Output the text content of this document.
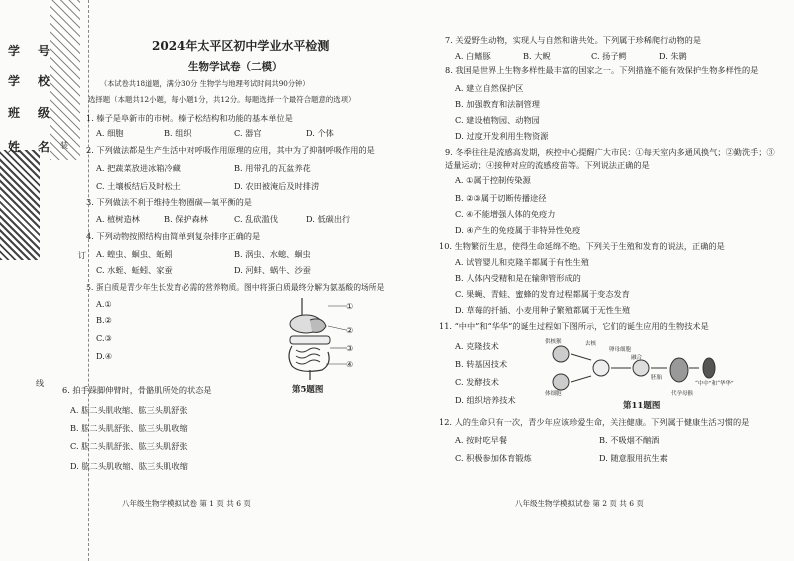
学 号
学 校
班 级
姓 名 装
订
线
2024年太平区初中学业水平检测
生物学试卷（二模）
（本试卷共18道题，满分30分 生物学与地理考试时间共90分钟）
选择题（本题共12小题，每小题1分，共12分。每题选择一个最符合题意的选项）
1. 榛子是阜新市的市树。榛子松结构和功能的基本单位是
A. 细胞	B. 组织	C. 器官	D. 个体
2. 下列做法都是生产生活中对呼吸作用原理的应用，其中为了抑制呼吸作用的是
A. 把蔬菜放进冰箱冷藏	B. 用带孔的瓦盆养花
C. 土壤板结后及时松土	D. 农田被淹后及时排涝
3. 下列做法不利于维持生物圈碳—氧平衡的是
A. 植树造林	B. 保护森林	C. 乱砍滥伐	D. 低碳出行
4. 下列动物按照结构由简单到复杂排序正确的是
A. 蝗虫、蛔虫、蚯蚓	B. 涡虫、水螅、蛔虫
C. 水蛭、蚯蚓、家蚕	D. 河蚌、蜗牛、沙蚕
5. 蛋白质是青少年生长发育必需的营养物质。图中将蛋白质最终分解为氨基酸的场所是
A.①
B.②
C.③
D.④
①
②
③
④
第5题图
6. 拍手跺脚伸臂时，骨骼肌所处的状态是
A. 肱二头肌收缩、肱三头肌舒张
B. 肱二头肌舒张、肱三头肌收缩
C. 肱二头肌舒张、肱三头肌舒张
D. 肱二头肌收缩、肱三头肌收缩
八年级生物学模拟试卷 第 1 页 共 6 页
7. 关爱野生动物，实现人与自然和谐共处。下列属于珍稀爬行动物的是
A. 白鳍豚	B. 大鲵	C. 扬子鳄	D. 朱鹮
8. 我国是世界上生物多样性最丰富的国家之一。下列措施不能有效保护生物多样性的是
A. 建立自然保护区
B. 加强教育和法制管理
C. 建设植物园、动物园
D. 过度开发利用生物资源
9. 冬季往往是流感高发期，疾控中心提醒广大市民：①每天室内多通风换气；②勤洗手；③适量运动；④接种对应的流感疫苗等。下列说法正确的是
A. ①属于控制传染源
B. ②③属于切断传播途径
C. ④不能增强人体的免疫力
D. ④产生的免疫属于非特异性免疫
10. 生物繁衍生息，使得生命延绵不绝。下列关于生殖和发育的说法，正确的是
A. 试管婴儿和克隆羊都属于有性生殖
B. 人体内受精和是在输卵管形成的
C. 果蝇、青蛙、蜜蜂的发育过程都属于变态发育
D. 草莓的扦插、小麦用种子繁殖都属于无性生殖
11. “中中”和“华华”的诞生过程如下图所示，它们的诞生应用的生物技术是
A. 克隆技术
B. 转基因技术
C. 发酵技术
D. 组织培养技术
供核猴	去核
卵母细胞
体细胞
融合
胚胎
代孕母猴
“中中”和“华华”
第11题图
12. 人的生命只有一次，青少年应该珍爱生命，关注健康。下列属于健康生活习惯的是
A. 按时吃早餐	B. 不吸烟不酗酒
C. 积极参加体育锻炼	D. 随意服用抗生素
八年级生物学模拟试卷 第 2 页 共 6 页
